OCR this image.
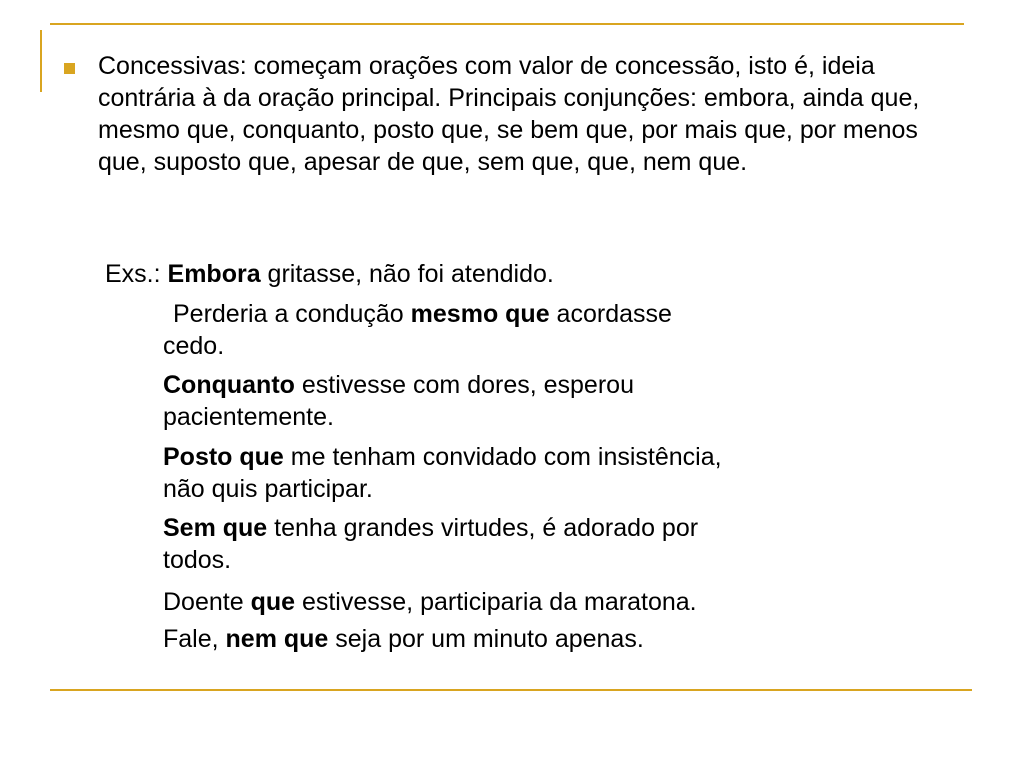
Concessivas: começam orações com valor de concessão, isto é, ideia contrária à da oração principal. Principais conjunções: embora, ainda que, mesmo que, conquanto, posto que, se bem que, por mais que, por menos que, suposto que, apesar de que, sem que, que, nem que.
Exs.: Embora gritasse, não foi atendido.
Perderia a condução mesmo que acordasse
cedo.
Conquanto estivesse com dores, esperou
pacientemente.
Posto que me tenham convidado com insistência,
não quis participar.
Sem que tenha grandes virtudes, é adorado por
todos.
Doente que estivesse, participaria da maratona.
Fale, nem que seja por um minuto apenas.
